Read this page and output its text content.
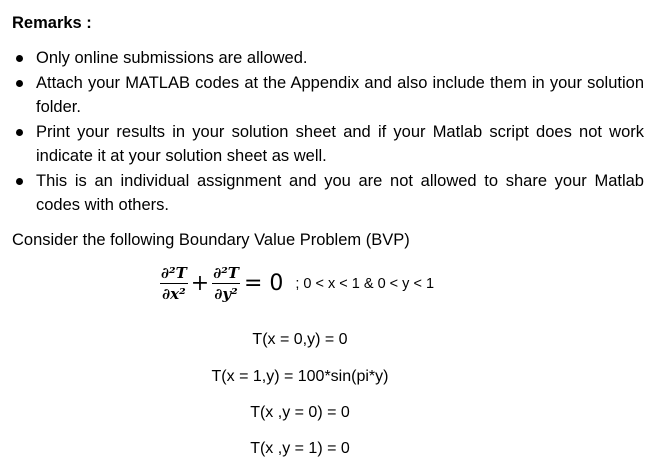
Remarks :
Only online submissions are allowed.
Attach your MATLAB codes at the Appendix and also include them in your solution folder.
Print your results in your solution sheet and if your Matlab script does not work indicate it at your solution sheet as well.
This is an individual assignment and you are not allowed to share your Matlab codes with others.
Consider the following Boundary Value Problem (BVP)
$\frac{\text{∂²T}}{\text{∂x²}} + \frac{\text{∂²T}}{\text{∂y²}} = 0$ ; 0 < x < 1 & 0 < y < 1
T(x = 0,y) = 0
T(x = 1,y) = 100*sin(pi*y)
T(x ,y = 0) = 0
T(x ,y = 1) = 0
